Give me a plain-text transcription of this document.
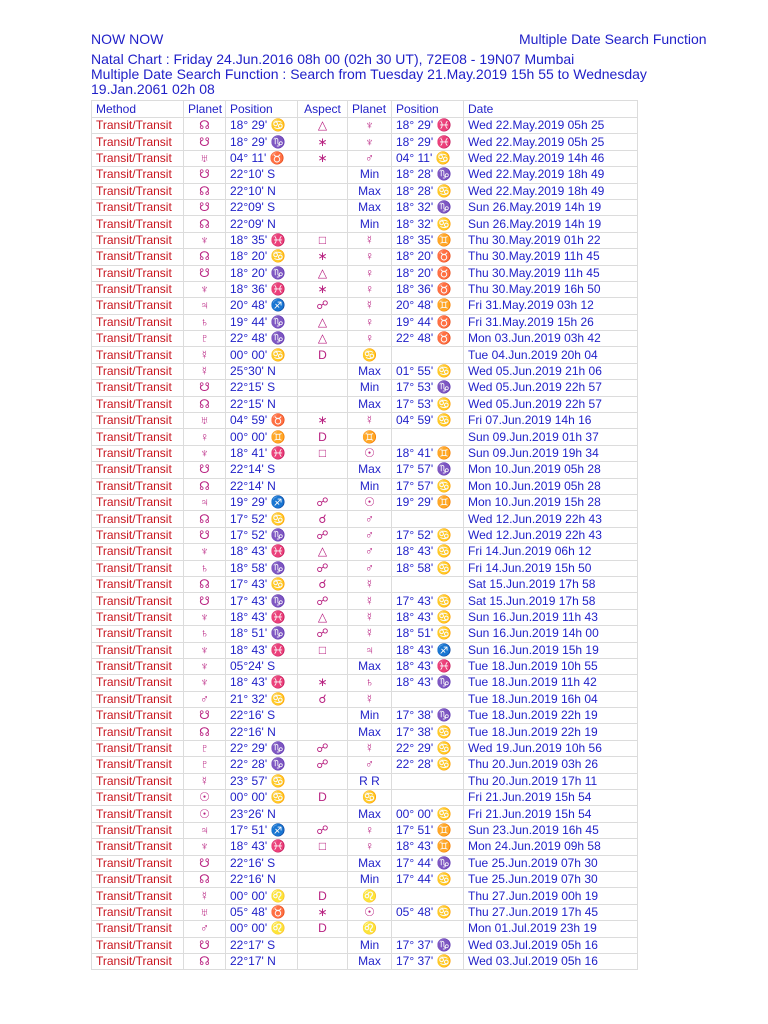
NOW NOW	Multiple Date Search Function
Natal Chart : Friday 24.Jun.2016 08h 00 (02h 30 UT), 72E08 - 19N07 Mumbai
Multiple Date Search Function : Search from Tuesday 21.May.2019 15h 55 to Wednesday
19.Jan.2061 02h 08
Method	Planet	Position	Aspect	Planet	Position	Date
Transit/Transit	☊	18° 29' ♋	△	♆	18° 29' ♓	Wed 22.May.2019 05h 25
Transit/Transit	☋	18° 29' ♑	∗	♆	18° 29' ♓	Wed 22.May.2019 05h 25
Transit/Transit	♅	04° 11' ♉	∗	♂	04° 11' ♋	Wed 22.May.2019 14h 46
Transit/Transit	☋	22°10' S		Min	18° 28' ♑	Wed 22.May.2019 18h 49
Transit/Transit	☊	22°10' N		Max	18° 28' ♋	Wed 22.May.2019 18h 49
Transit/Transit	☋	22°09' S		Max	18° 32' ♑	Sun 26.May.2019 14h 19
Transit/Transit	☊	22°09' N		Min	18° 32' ♋	Sun 26.May.2019 14h 19
Transit/Transit	♆	18° 35' ♓	□	☿	18° 35' ♊	Thu 30.May.2019 01h 22
Transit/Transit	☊	18° 20' ♋	∗	♀	18° 20' ♉	Thu 30.May.2019 11h 45
Transit/Transit	☋	18° 20' ♑	△	♀	18° 20' ♉	Thu 30.May.2019 11h 45
Transit/Transit	♆	18° 36' ♓	∗	♀	18° 36' ♉	Thu 30.May.2019 16h 50
Transit/Transit	♃	20° 48' ♐	☍	☿	20° 48' ♊	Fri 31.May.2019 03h 12
Transit/Transit	♄	19° 44' ♑	△	♀	19° 44' ♉	Fri 31.May.2019 15h 26
Transit/Transit	♇	22° 48' ♑	△	♀	22° 48' ♉	Mon 03.Jun.2019 03h 42
Transit/Transit	☿	00° 00' ♋	D	♋		Tue 04.Jun.2019 20h 04
Transit/Transit	☿	25°30' N		Max	01° 55' ♋	Wed 05.Jun.2019 21h 06
Transit/Transit	☋	22°15' S		Min	17° 53' ♑	Wed 05.Jun.2019 22h 57
Transit/Transit	☊	22°15' N		Max	17° 53' ♋	Wed 05.Jun.2019 22h 57
Transit/Transit	♅	04° 59' ♉	∗	☿	04° 59' ♋	Fri 07.Jun.2019 14h 16
Transit/Transit	♀	00° 00' ♊	D	♊		Sun 09.Jun.2019 01h 37
Transit/Transit	♆	18° 41' ♓	□	☉	18° 41' ♊	Sun 09.Jun.2019 19h 34
Transit/Transit	☋	22°14' S		Max	17° 57' ♑	Mon 10.Jun.2019 05h 28
Transit/Transit	☊	22°14' N		Min	17° 57' ♋	Mon 10.Jun.2019 05h 28
Transit/Transit	♃	19° 29' ♐	☍	☉	19° 29' ♊	Mon 10.Jun.2019 15h 28
Transit/Transit	☊	17° 52' ♋	☌	♂		Wed 12.Jun.2019 22h 43
Transit/Transit	☋	17° 52' ♑	☍	♂	17° 52' ♋	Wed 12.Jun.2019 22h 43
Transit/Transit	♆	18° 43' ♓	△	♂	18° 43' ♋	Fri 14.Jun.2019 06h 12
Transit/Transit	♄	18° 58' ♑	☍	♂	18° 58' ♋	Fri 14.Jun.2019 15h 50
Transit/Transit	☊	17° 43' ♋	☌	☿		Sat 15.Jun.2019 17h 58
Transit/Transit	☋	17° 43' ♑	☍	☿	17° 43' ♋	Sat 15.Jun.2019 17h 58
Transit/Transit	♆	18° 43' ♓	△	☿	18° 43' ♋	Sun 16.Jun.2019 11h 43
Transit/Transit	♄	18° 51' ♑	☍	☿	18° 51' ♋	Sun 16.Jun.2019 14h 00
Transit/Transit	♆	18° 43' ♓	□	♃	18° 43' ♐	Sun 16.Jun.2019 15h 19
Transit/Transit	♆	05°24' S		Max	18° 43' ♓	Tue 18.Jun.2019 10h 55
Transit/Transit	♆	18° 43' ♓	∗	♄	18° 43' ♑	Tue 18.Jun.2019 11h 42
Transit/Transit	♂	21° 32' ♋	☌	☿		Tue 18.Jun.2019 16h 04
Transit/Transit	☋	22°16' S		Min	17° 38' ♑	Tue 18.Jun.2019 22h 19
Transit/Transit	☊	22°16' N		Max	17° 38' ♋	Tue 18.Jun.2019 22h 19
Transit/Transit	♇	22° 29' ♑	☍	☿	22° 29' ♋	Wed 19.Jun.2019 10h 56
Transit/Transit	♇	22° 28' ♑	☍	♂	22° 28' ♋	Thu 20.Jun.2019 03h 26
Transit/Transit	☿	23° 57' ♋		R R		Thu 20.Jun.2019 17h 11
Transit/Transit	☉	00° 00' ♋	D	♋		Fri 21.Jun.2019 15h 54
Transit/Transit	☉	23°26' N		Max	00° 00' ♋	Fri 21.Jun.2019 15h 54
Transit/Transit	♃	17° 51' ♐	☍	♀	17° 51' ♊	Sun 23.Jun.2019 16h 45
Transit/Transit	♆	18° 43' ♓	□	♀	18° 43' ♊	Mon 24.Jun.2019 09h 58
Transit/Transit	☋	22°16' S		Max	17° 44' ♑	Tue 25.Jun.2019 07h 30
Transit/Transit	☊	22°16' N		Min	17° 44' ♋	Tue 25.Jun.2019 07h 30
Transit/Transit	☿	00° 00' ♌	D	♌		Thu 27.Jun.2019 00h 19
Transit/Transit	♅	05° 48' ♉	∗	☉	05° 48' ♋	Thu 27.Jun.2019 17h 45
Transit/Transit	♂	00° 00' ♌	D	♌		Mon 01.Jul.2019 23h 19
Transit/Transit	☋	22°17' S		Min	17° 37' ♑	Wed 03.Jul.2019 05h 16
Transit/Transit	☊	22°17' N		Max	17° 37' ♋	Wed 03.Jul.2019 05h 16
